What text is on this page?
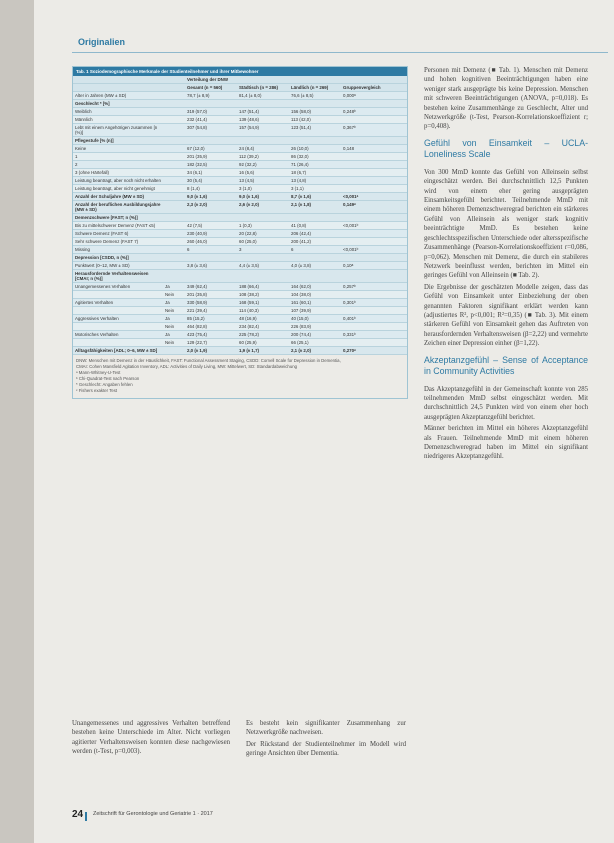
Originalien
Tab. 1 Soziodemographische Merkmale der Studienteilnehmer und ihrer Mitbewohner
		Verteilung der DNW			
		Gesamt (n = 560)	Städtisch (n = 286)	Ländlich (n = 269)	Gruppenvergleich
Alter in Jahren (MW ± SD)		78,7 (± 8,9)	81,4 (± 8,0)	76,6 (± 8,5)	0,000ᵃ
Geschlecht * [%]					
Weiblich		319 (57,0)	147 (51,4)	156 (58,0)	0,248ᵇ
Männlich		232 (41,4)	139 (48,6)	113 (42,0)	
Lebt mit einem Angehörigen zusammen [n (%)]		307 (54,8)	157 (54,9)	123 (51,4)	0,367ᵇ
Pflegestufe [% (n)]					
Keine		67 (12,0)	24 (8,4)	26 (10,0)	0,148
1		201 (35,9)	112 (39,2)	86 (32,0)	
2		182 (32,5)	92 (32,2)	71 (26,4)	
3 (ohne Härtefall)		34 (6,1)	16 (5,6)	18 (6,7)	
Leistung beantragt, aber noch nicht erhalten		30 (5,4)	13 (4,5)	13 (4,8)	
Leistung beantragt, aber nicht genehmigt		8 (1,4)	3 (1,0)	3 (1,1)	
Anzahl der Schuljahre (MW ± SD)		9,0 (± 1,6)	9,0 (± 1,6)	8,7 (± 1,6)	<0,001ᵃ
Anzahl der beruflichen Ausbildungsjahre (MW ± SD)		2,3 (± 2,0)	2,6 (± 2,0)	2,1 (± 1,8)	0,149ᵃ
Demenzschwere [FAST; n (%)]					
Bis zu mittelschwerer Demenz (FAST ≤5)		42 (7,5)	1 (0,3)	41 (0,8)	<0,001ᵇ
Schwere Demenz (FAST 6)		230 (40,9)	20 (22,8)	206 (42,4)	
Sehr schwere Demenz (FAST 7)		260 (46,0)	60 (25,0)	200 (41,2)	
Missing		6	3	6	<0,001ᵇ
Depression [CSDD, n (%)]					
Punktwert (0–12, MW ± SD)		3,8 (± 3,6)	4,4 (± 3,5)	4,0 (± 3,8)	0,10ᵃ
Herausfordernde Verhaltensweisen [CMAI; n (%)]					
Unangemessenes Verhalten	Ja	349 (62,4)	188 (66,4)	164 (62,0)	0,257ᵇ
	Nein	201 (35,8)	108 (38,2)	104 (38,0)	
Agitiertes Verhalten	Ja	330 (58,9)	168 (59,1)	161 (60,1)	0,301ᵇ
	Nein	221 (39,4)	114 (40,3)	107 (39,9)	
Aggressives Verhalten	Ja	85 (15,2)	48 (16,9)	40 (15,0)	0,401ᵇ
	Nein	464 (82,8)	234 (82,4)	226 (83,9)	
Motorisches Verhalten	Ja	423 (75,4)	225 (78,2)	200 (74,4)	0,331ᵇ
	Nein	129 (22,7)	60 (25,9)	66 (25,1)	
Alltagsfähigkeiten [ADL; 0–6, MW ± SD]		2,0 (± 1,9)	1,9 (± 1,7)	2,1 (± 2,0)	0,270ᵃ
DNW: Menschen mit Demenz in der Häuslichkeit, FAST: Functional Assessment Staging, CSDD: Cornell Scale for Depression in Dementia,
CMAI: Cohen Mansfield Agitation Inventory, ADL: Activities of Daily Living, MW: Mittelwert, SD: Standardabweichung
ᵃ Mann-Whitney-U-Test
ᵇ Chi-Quadrat-Test nach Pearson
* Geschlecht: Angaben fehlen
ᶜ Fishers exakter Test

Unangemessenes und aggressives Verhalten betreffend bestehen keine Unterschiede im Alter. Nicht vorliegen agitierter Verhaltensweisen konnten diese nachgewiesen werden (t-Test, p=0,003).

Es besteht kein signifikanter Zusammenhang zur Netzwerkgröße nachweisen.

Der Rückstand der Studienteilnehmer im Modell wird geringe Ansichten über Dementia.

Personen mit Demenz (■ Tab. 1). Menschen mit Demenz und hohen kognitiven Beeinträchtigungen haben eine weniger stark ausgeprägte bis keine Depression. Menschen mit schweren Beeinträchtigungen (ANOVA, p=0,018). Es bestehen keine Zusammenhänge zu Geschlecht, Alter und Netzwerkgröße (t-Test, Pearson-Korrelationskoeffizient r; p=0,408).

Gefühl von Einsamkeit – UCLA-Loneliness Scale

Von 300 MmD konnte das Gefühl von Alleinsein selbst eingeschätzt werden. Bei durchschnittlich 12,5 Punkten wird von einem eher gering ausgeprägten Einsamkeitsgefühl berichtet. Teilnehmende MmD mit einem höheren Demenzschweregrad berichten ein stärkeres Gefühl von Alleinsein als weniger stark kognitiv beeinträchtigte MmD. Es bestehen keine geschlechtsspezifischen Unterschiede oder altersspezifische Zusammenhänge (Pearson-Korrelationskoeffizient r=0,086, p=0,062). Menschen mit Demenz, die durch ein stabileres Netzwerk beeinflusst werden, berichten im Mittel ein geringes Gefühl von Alleinsein (■ Tab. 2).

Die Ergebnisse der geschätzten Modelle zeigen, dass das Gefühl von Einsamkeit unter Einbeziehung der oben genannten Faktoren signifikant erklärt werden kann (adjustiertes R², p<0,001; R²=0,35) (■ Tab. 3). Mit einem stärkeren Gefühl von Einsamkeit gehen das Auftreten von herausfordernden Verhaltensweisen (β=2,22) und vermehrte Zeichen einer Depression einher (β=1,22).

Akzeptanzgefühl – Sense of Acceptance in Community Activities

Das Akzeptanzgefühl in der Gemeinschaft konnte von 285 teilnehmenden MmD selbst eingeschätzt werden. Mit durchschnittlich 24,5 Punkten wird von einem eher hoch ausgeprägten Akzeptanzgefühl berichtet.

Männer berichten im Mittel ein höheres Akzeptanzgefühl als Frauen. Teilnehmende MmD mit einem höheren Demenzschweregrad haben im Mittel ein signifikant niedrigeres Akzeptanzgefühl.

24 Zeitschrift für Gerontologie und Geriatrie 1 · 2017
